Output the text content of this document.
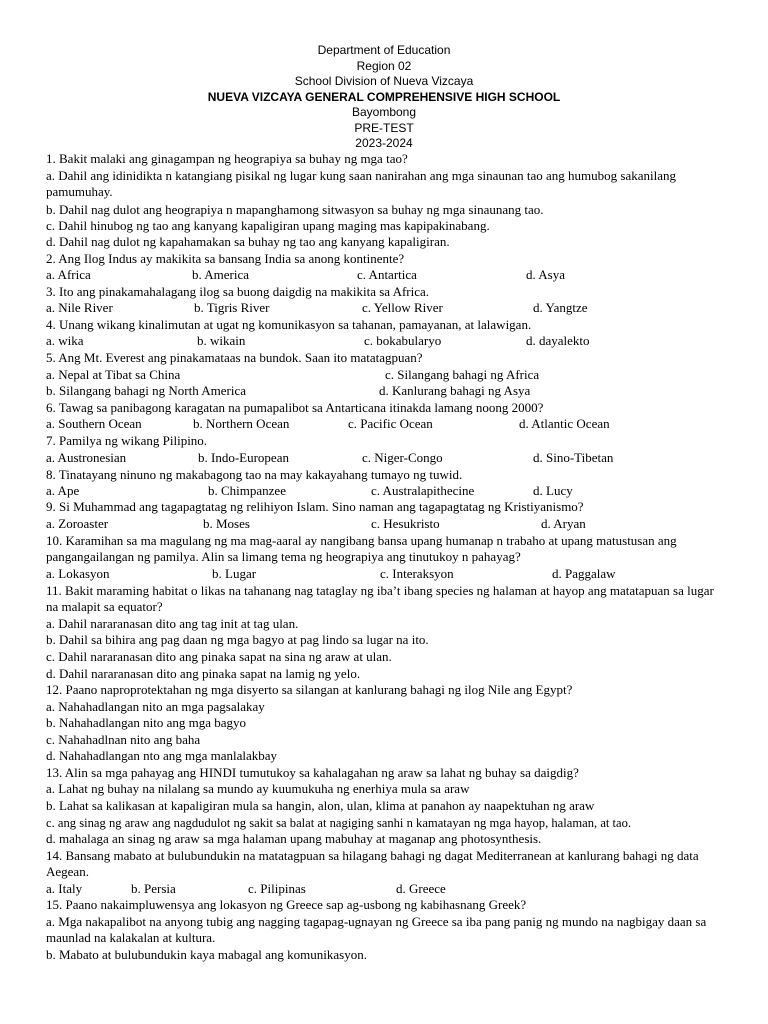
Department of Education
Region 02
School Division of Nueva Vizcaya
NUEVA VIZCAYA GENERAL COMPREHENSIVE HIGH SCHOOL
Bayombong
PRE-TEST
2023-2024
1. Bakit malaki ang ginagampan ng heograpiya sa buhay ng mga tao?
a. Dahil ang idinidikta n katangiang pisikal ng lugar kung saan nanirahan ang mga sinaunan tao ang humubog sakanilang pamumuhay.
b. Dahil nag dulot ang heograpiya n mapanghamong sitwasyon sa buhay ng mga sinaunang tao.
c. Dahil hinubog ng tao ang kanyang kapaligiran upang maging mas kapipakinabang.
d. Dahil nag dulot ng kapahamakan sa buhay ng tao ang kanyang kapaligiran.
2. Ang Ilog Indus ay makikita sa bansang India sa anong kontinente?
a. Africa	b. America	c. Antartica	d. Asya
3. Ito ang pinakamahalagang ilog sa buong daigdig na makikita sa Africa.
a. Nile River	b. Tigris River	c. Yellow River	d. Yangtze
4. Unang wikang kinalimutan at ugat ng komunikasyon sa tahanan, pamayanan, at lalawigan.
a. wika	b. wikain	c. bokabularyo	d. dayalekto
5. Ang Mt. Everest ang pinakamataas na bundok. Saan ito matatagpuan?
a. Nepal at Tibat sa China	c. Silangang bahagi ng Africa
b. Silangang bahagi ng North America	d. Kanlurang bahagi ng Asya
6. Tawag sa panibagong karagatan na pumapalibot sa Antarticana itinakda lamang noong 2000?
a. Southern Ocean	b. Northern Ocean	c. Pacific Ocean	d. Atlantic Ocean
7. Pamilya ng wikang Pilipino.
a. Austronesian	b. Indo-European	c. Niger-Congo	d. Sino-Tibetan
8. Tinatayang ninuno ng makabagong tao na may kakayahang tumayo ng tuwid.
a. Ape	b. Chimpanzee	c. Australapithecine	d. Lucy
9. Si Muhammad ang tagapagtatag ng relihiyon Islam. Sino naman ang tagapagtatag ng Kristiyanismo?
a. Zoroaster	b. Moses	c. Hesukristo	d. Aryan
10. Karamihan sa ma magulang ng ma mag-aaral ay nangibang bansa upang humanap n trabaho at upang matustusan ang pangangailangan ng pamilya. Alin sa limang tema ng heograpiya ang tinutukoy n pahayag?
a. Lokasyon	b. Lugar	c. Interaksyon	d. Paggalaw
11. Bakit maraming habitat o likas na tahanang nag tataglay ng iba’t ibang species ng halaman at hayop ang matatapuan sa lugar na malapit sa equator?
a. Dahil nararanasan dito ang tag init at tag ulan.
b. Dahil sa bihira ang pag daan ng mga bagyo at pag lindo sa lugar na ito.
c. Dahil nararanasan dito ang pinaka sapat na sina ng araw at ulan.
d. Dahil nararanasan dito ang pinaka sapat na lamig ng yelo.
12. Paano naproprotektahan ng mga disyerto sa silangan at kanlurang bahagi ng ilog Nile ang Egypt?
a. Nahahadlangan nito an mga pagsalakay
b. Nahahadlangan nito ang mga bagyo
c. Nahahadlnan nito ang baha
d. Nahahadlangan nto ang mga manlalakbay
13. Alin sa mga pahayag ang HINDI tumutukoy sa kahalagahan ng araw sa lahat ng buhay sa daigdig?
a. Lahat ng buhay na nilalang sa mundo ay kuumukuha ng enerhiya mula sa araw
b. Lahat sa kalikasan at kapaligiran mula sa hangin, alon, ulan, klima at panahon ay naapektuhan ng araw
c. ang sinag ng araw ang nagdudulot ng sakit sa balat at nagiging sanhi n kamatayan ng mga hayop, halaman, at tao.
d. mahalaga an sinag ng araw sa mga halaman upang mabuhay at maganap ang photosynthesis.
14. Bansang mabato at bulubundukin na matatagpuan sa hilagang bahagi ng dagat Mediterranean at kanlurang bahagi ng data Aegean.
a. Italy	b. Persia	c. Pilipinas	d. Greece
15. Paano nakaimpluwensya ang lokasyon ng Greece sap ag-usbong ng kabihasnang Greek?
a. Mga nakapalibot na anyong tubig ang nagging tagapag-ugnayan ng Greece sa iba pang panig ng mundo na nagbigay daan sa maunlad na kalakalan at kultura.
b. Mabato at bulubundukin kaya mabagal ang komunikasyon.
